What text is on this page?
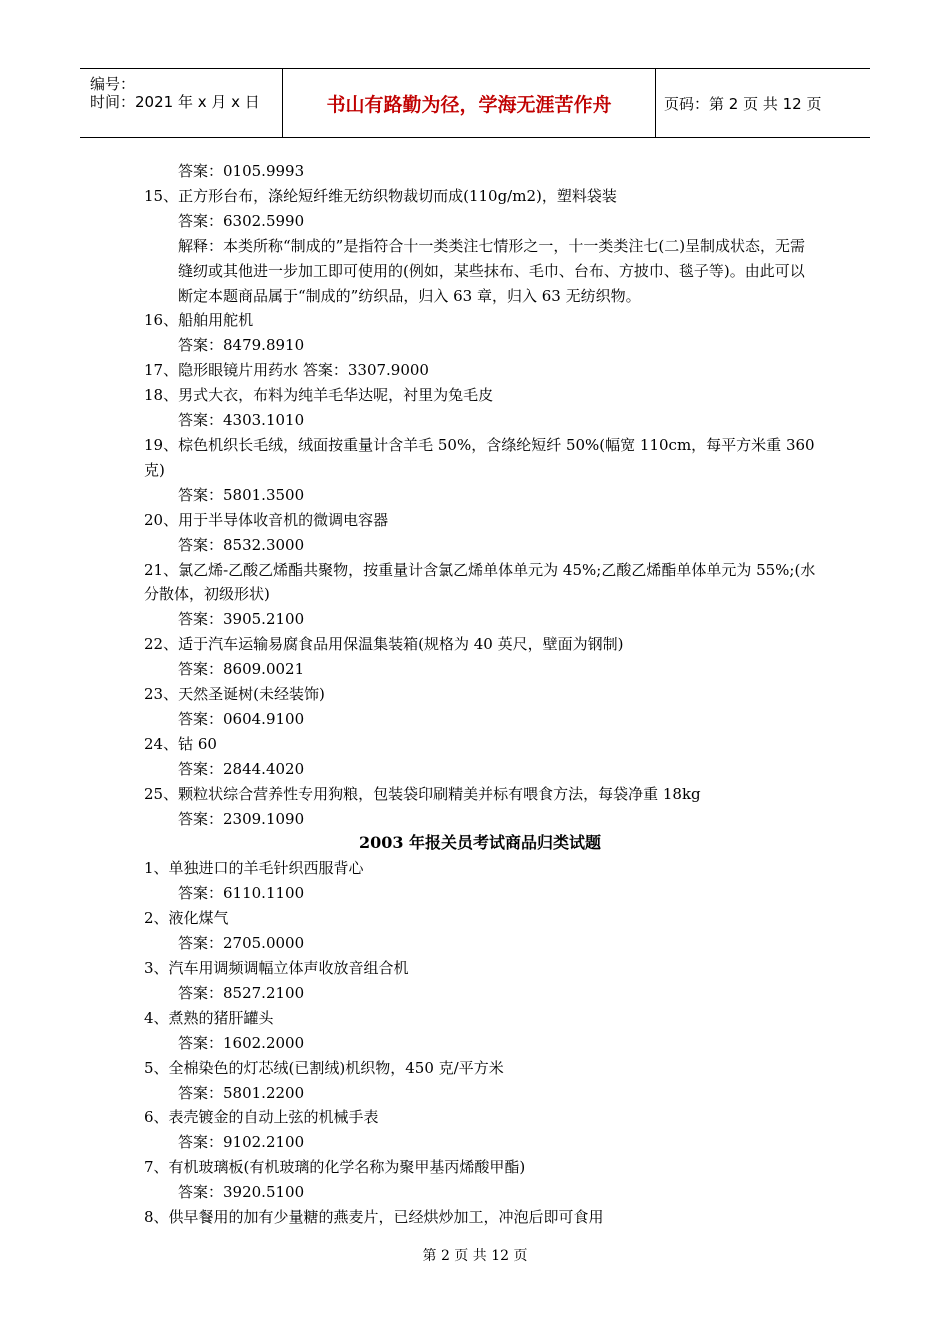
编号：
时间：2021 年 x 月 x 日	书山有路勤为径，学海无涯苦作舟	页码：第 2 页 共 12 页
答案：0105.9993
15、正方形台布，涤纶短纤维无纺织物裁切而成(110g/m2)，塑料袋装
答案：6302.5990
解释：本类所称“制成的”是指符合十一类类注七情形之一，十一类类注七(二)呈制成状态，无需缝纫或其他进一步加工即可使用的(例如，某些抹布、毛巾、台布、方披巾、毯子等)。由此可以断定本题商品属于“制成的”纺织品，归入 63 章，归入 63 无纺织物。
16、船舶用舵机
答案：8479.8910
17、隐形眼镜片用药水 答案：3307.9000
18、男式大衣，布料为纯羊毛华达呢，衬里为兔毛皮
答案：4303.1010
19、棕色机织长毛绒，绒面按重量计含羊毛 50%，含绦纶短纤 50%(幅宽 110cm，每平方米重 360 克)
答案：5801.3500
20、用于半导体收音机的微调电容器
答案：8532.3000
21、氯乙烯-乙酸乙烯酯共聚物，按重量计含氯乙烯单体单元为 45%;乙酸乙烯酯单体单元为 55%;(水分散体，初级形状)
答案：3905.2100
22、适于汽车运输易腐食品用保温集装箱(规格为 40 英尺，壁面为钢制)
答案：8609.0021
23、天然圣诞树(未经装饰)
答案：0604.9100
24、钴 60
答案：2844.4020
25、颗粒状综合营养性专用狗粮，包装袋印刷精美并标有喂食方法，每袋净重 18kg
答案：2309.1090
2003 年报关员考试商品归类试题
1、单独进口的羊毛针织西服背心
答案：6110.1100
2、液化煤气
答案：2705.0000
3、汽车用调频调幅立体声收放音组合机
答案：8527.2100
4、煮熟的猪肝罐头
答案：1602.2000
5、全棉染色的灯芯绒(已割绒)机织物，450 克/平方米
答案：5801.2200
6、表壳镀金的自动上弦的机械手表
答案：9102.2100
7、有机玻璃板(有机玻璃的化学名称为聚甲基丙烯酸甲酯)
答案：3920.5100
8、供早餐用的加有少量糖的燕麦片，已经烘炒加工，冲泡后即可食用
第 2 页 共 12 页
